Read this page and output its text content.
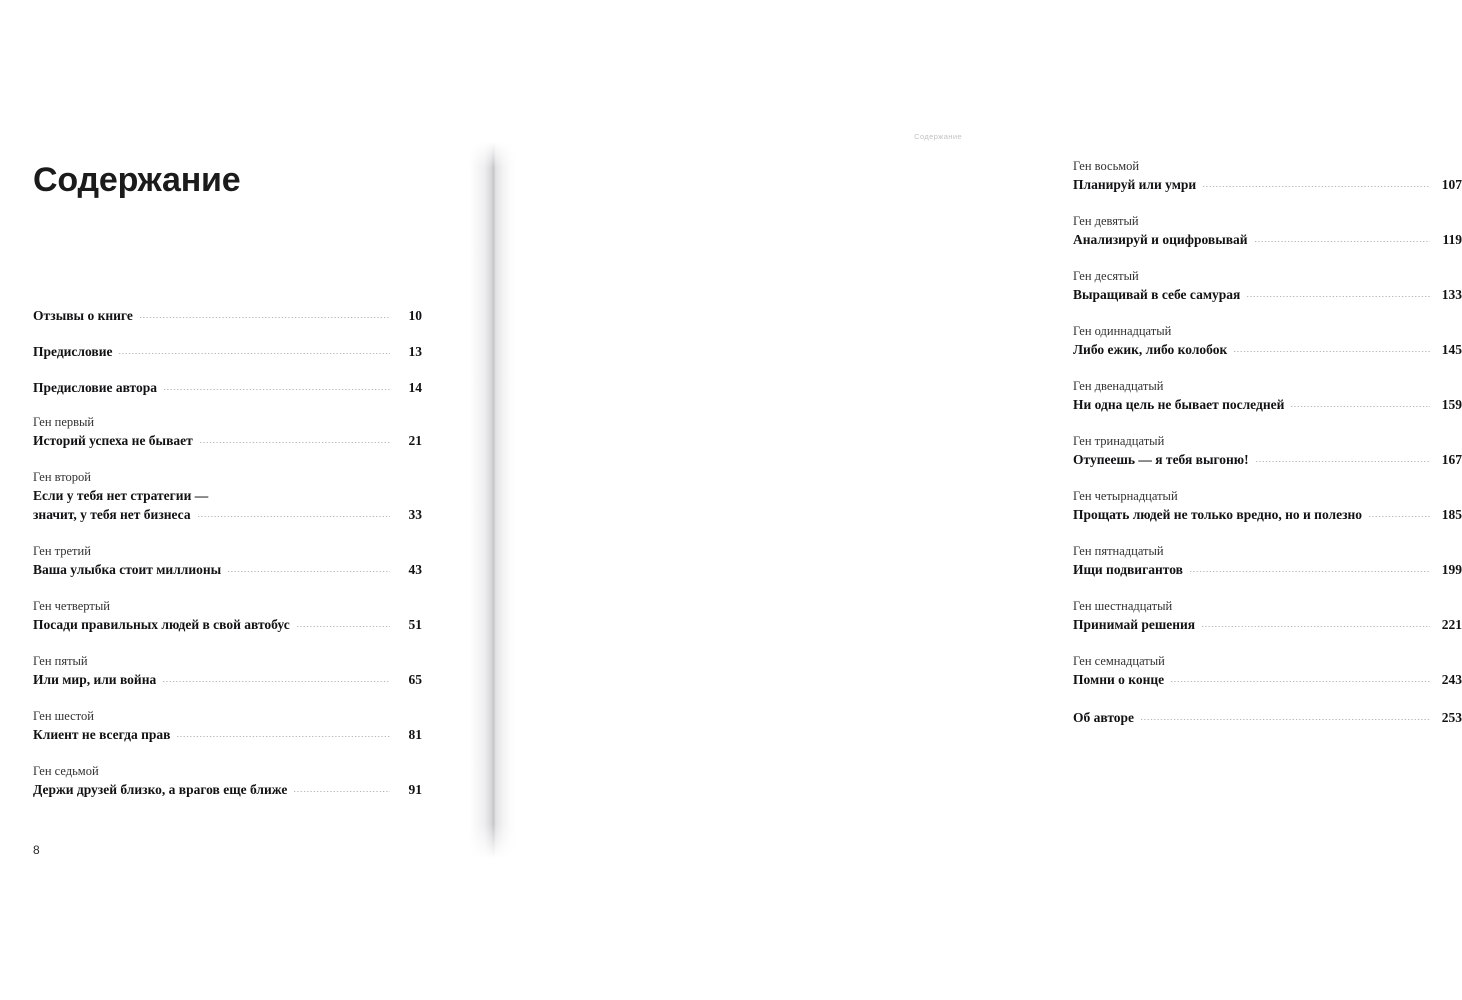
Содержание
Отзывы о книге	10
Предисловие	13
Предисловие автора	14
Ген первый
Историй успеха не бывает	21
Ген второй
Если у тебя нет стратегии —
значит, у тебя нет бизнеса	33
Ген третий
Ваша улыбка стоит миллионы	43
Ген четвертый
Посади правильных людей в свой автобус	51
Ген пятый
Или мир, или война	65
Ген шестой
Клиент не всегда прав	81
Ген седьмой
Держи друзей близко, а врагов еще ближе	91
8
Содержание
Ген восьмой
Планируй или умри	107
Ген девятый
Анализируй и оцифровывай	119
Ген десятый
Выращивай в себе самурая	133
Ген одиннадцатый
Либо ежик, либо колобок	145
Ген двенадцатый
Ни одна цель не бывает последней	159
Ген тринадцатый
Отупеешь — я тебя выгоню!	167
Ген четырнадцатый
Прощать людей не только вредно, но и полезно	185
Ген пятнадцатый
Ищи подвигантов	199
Ген шестнадцатый
Принимай решения	221
Ген семнадцатый
Помни о конце	243
Об авторе	253
